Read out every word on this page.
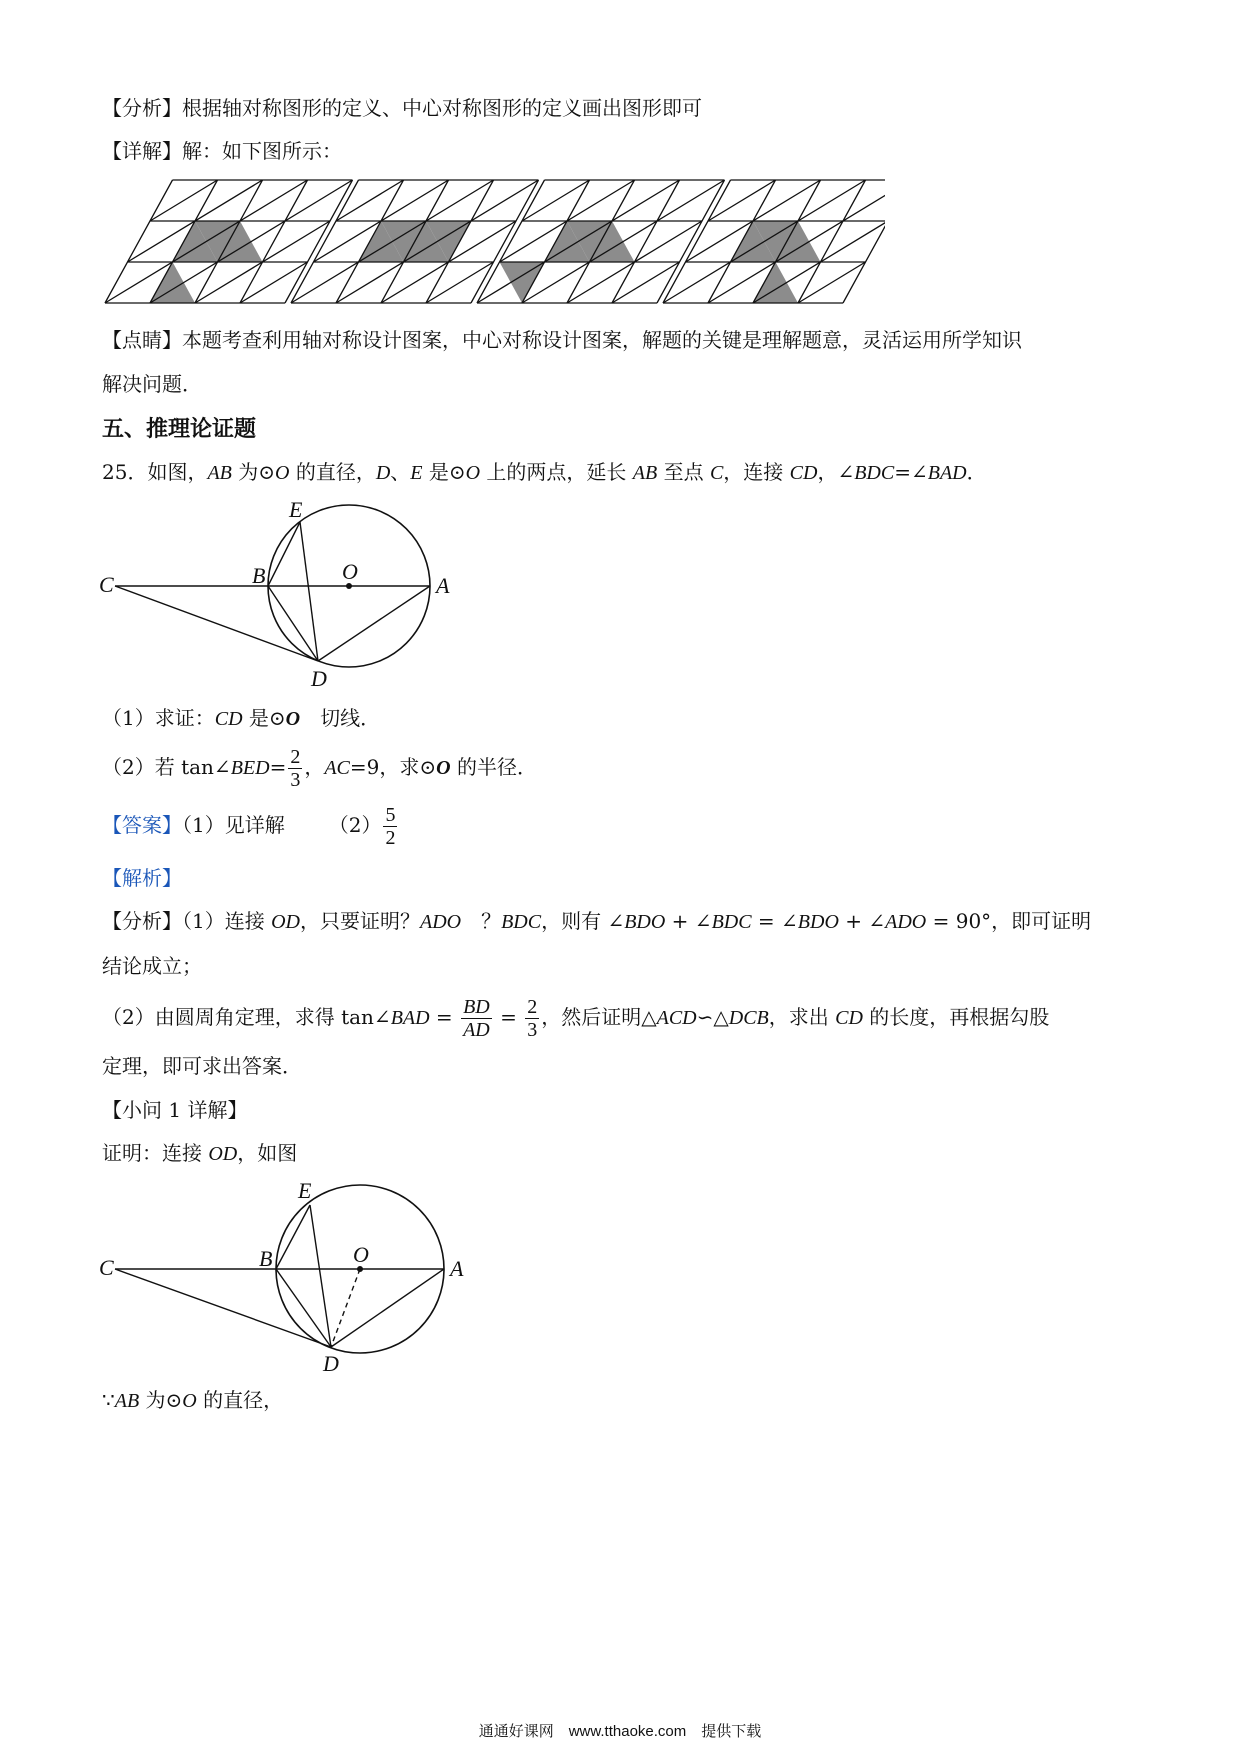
【分析】根据轴对称图形的定义、中心对称图形的定义画出图形即可
【详解】解：如下图所示：
【点睛】本题考查利用轴对称设计图案，中心对称设计图案，解题的关键是理解题意，灵活运用所学知识
解决问题．
五、推理论证题
25．如图，AB 为⊙O 的直径，D、E 是⊙O 上的两点，延长 AB 至点 C，连接 CD，∠BDC=∠BAD．
E
C	B	O
A
D
（1）求证：CD 是⊙O　切线．
（2）若 tan∠BED= $\frac{2}{3}$ ，AC=9，求⊙O 的半径．
【答案】（1）见详解 $(2) \frac{5}{2}$
【解析】
【分析】（1）连接 OD，只要证明？ADO　？BDC，则有 ∠BDO + ∠BDC = ∠BDO + ∠ADO = 90°，即可证明
结论成立；
（2）由圆周角定理，求得 tan∠BAD = $\frac{BD}{AD} = \frac{2}{3}$ ，然后证明△ACD∽△DCB，求出 CD 的长度，再根据勾股
定理，即可求出答案．
【小问 1 详解】
证明：连接 OD，如图
E
C	B	O
A
D
∵AB 为⊙O 的直径，
通通好课网　www.tthaoke.com　提供下载
